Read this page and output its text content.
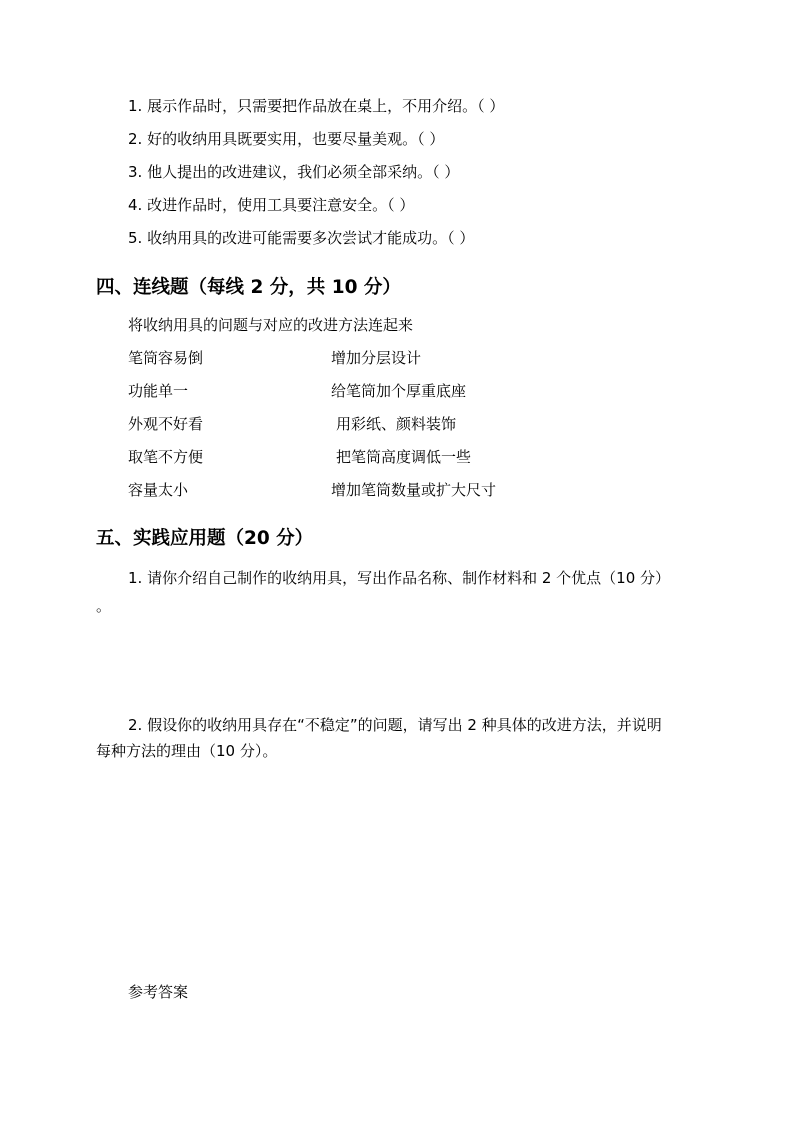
1. 展示作品时，只需要把作品放在桌上，不用介绍。（ ）
2. 好的收纳用具既要实用，也要尽量美观。（ ）
3. 他人提出的改进建议，我们必须全部采纳。（ ）
4. 改进作品时，使用工具要注意安全。（ ）
5. 收纳用具的改进可能需要多次尝试才能成功。（ ）
四、连线题（每线 2 分，共 10 分）
将收纳用具的问题与对应的改进方法连起来
笔筒容易倒	增加分层设计
功能单一	给笔筒加个厚重底座
外观不好看	用彩纸、颜料装饰
取笔不方便	把笔筒高度调低一些
容量太小	增加笔筒数量或扩大尺寸
五、实践应用题（20 分）
1. 请你介绍自己制作的收纳用具，写出作品名称、制作材料和 2 个优点（10 分）
。
2. 假设你的收纳用具存在“不稳定”的问题，请写出 2 种具体的改进方法，并说明
每种方法的理由（10 分）。
参考答案
